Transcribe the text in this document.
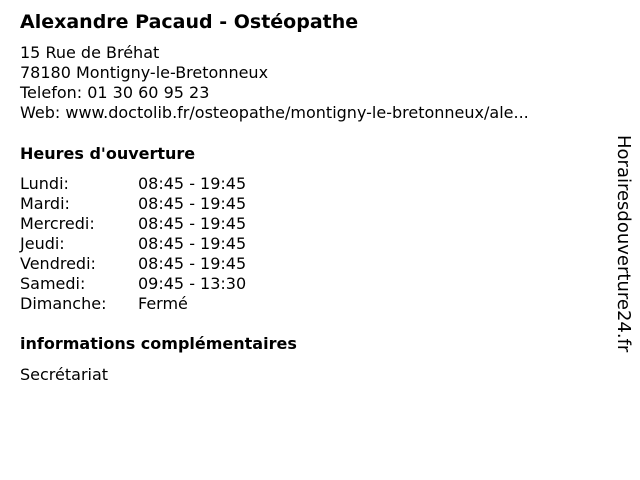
Alexandre Pacaud - Ostéopathe
15 Rue de Bréhat
78180 Montigny-le-Bretonneux
Telefon: 01 30 60 95 23
Web: www.doctolib.fr/osteopathe/montigny-le-bretonneux/ale...
Heures d'ouverture
Lundi:	08:45 - 19:45
Mardi:	08:45 - 19:45
Mercredi:	08:45 - 19:45
Jeudi:	08:45 - 19:45
Vendredi:	08:45 - 19:45
Samedi:	09:45 - 13:30
Dimanche:	Fermé
informations complémentaires
Secrétariat
Horairesdouverture24.fr
